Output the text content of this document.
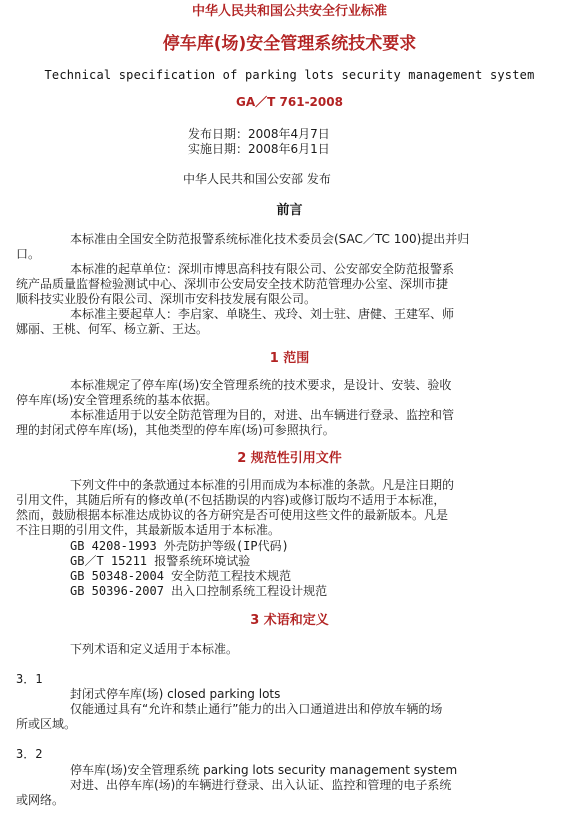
中华人民共和国公共安全行业标准
停车库(场)安全管理系统技术要求
Technical specification of parking lots security management system
GA／T 761-2008
发布日期：2008年4月7日
实施日期：2008年6月1日
中华人民共和国公安部 发布
前言
本标准由全国安全防范报警系统标准化技术委员会(SAC／TC 100)提出并归
口。
本标准的起草单位：深圳市博思高科技有限公司、公安部安全防范报警系
统产品质量监督检验测试中心、深圳市公安局安全技术防范管理办公室、深圳市捷
顺科技实业股份有限公司、深圳市安科技发展有限公司。
本标准主要起草人：李启家、单晓生、戎玲、刘士驻、唐健、王建军、师
娜丽、王桃、何军、杨立新、王达。
1 范围
本标准规定了停车库(场)安全管理系统的技术要求，是设计、安装、验收
停车库(场)安全管理系统的基本依据。
本标准适用于以安全防范管理为目的，对进、出车辆进行登录、监控和管
理的封闭式停车库(场)，其他类型的停车库(场)可参照执行。
2 规范性引用文件
下列文件中的条款通过本标准的引用而成为本标准的条款。凡是注日期的
引用文件，其随后所有的修改单(不包括勘误的内容)或修订版均不适用于本标准，
然而，鼓励根据本标准达成协议的各方研究是否可使用这些文件的最新版本。凡是
不注日期的引用文件，其最新版本适用于本标准。
GB 4208-1993 外壳防护等级(IP代码)
GB／T 15211 报警系统环境试验
GB 50348-2004 安全防范工程技术规范
GB 50396-2007 出入口控制系统工程设计规范
3 术语和定义
下列术语和定义适用于本标准。
3．1
封闭式停车库(场) closed parking lots
仅能通过具有“允许和禁止通行”能力的出入口通道进出和停放车辆的场
所或区域。
3．2
停车库(场)安全管理系统 parking lots security management system
对进、出停车库(场)的车辆进行登录、出入认证、监控和管理的电子系统
或网络。
